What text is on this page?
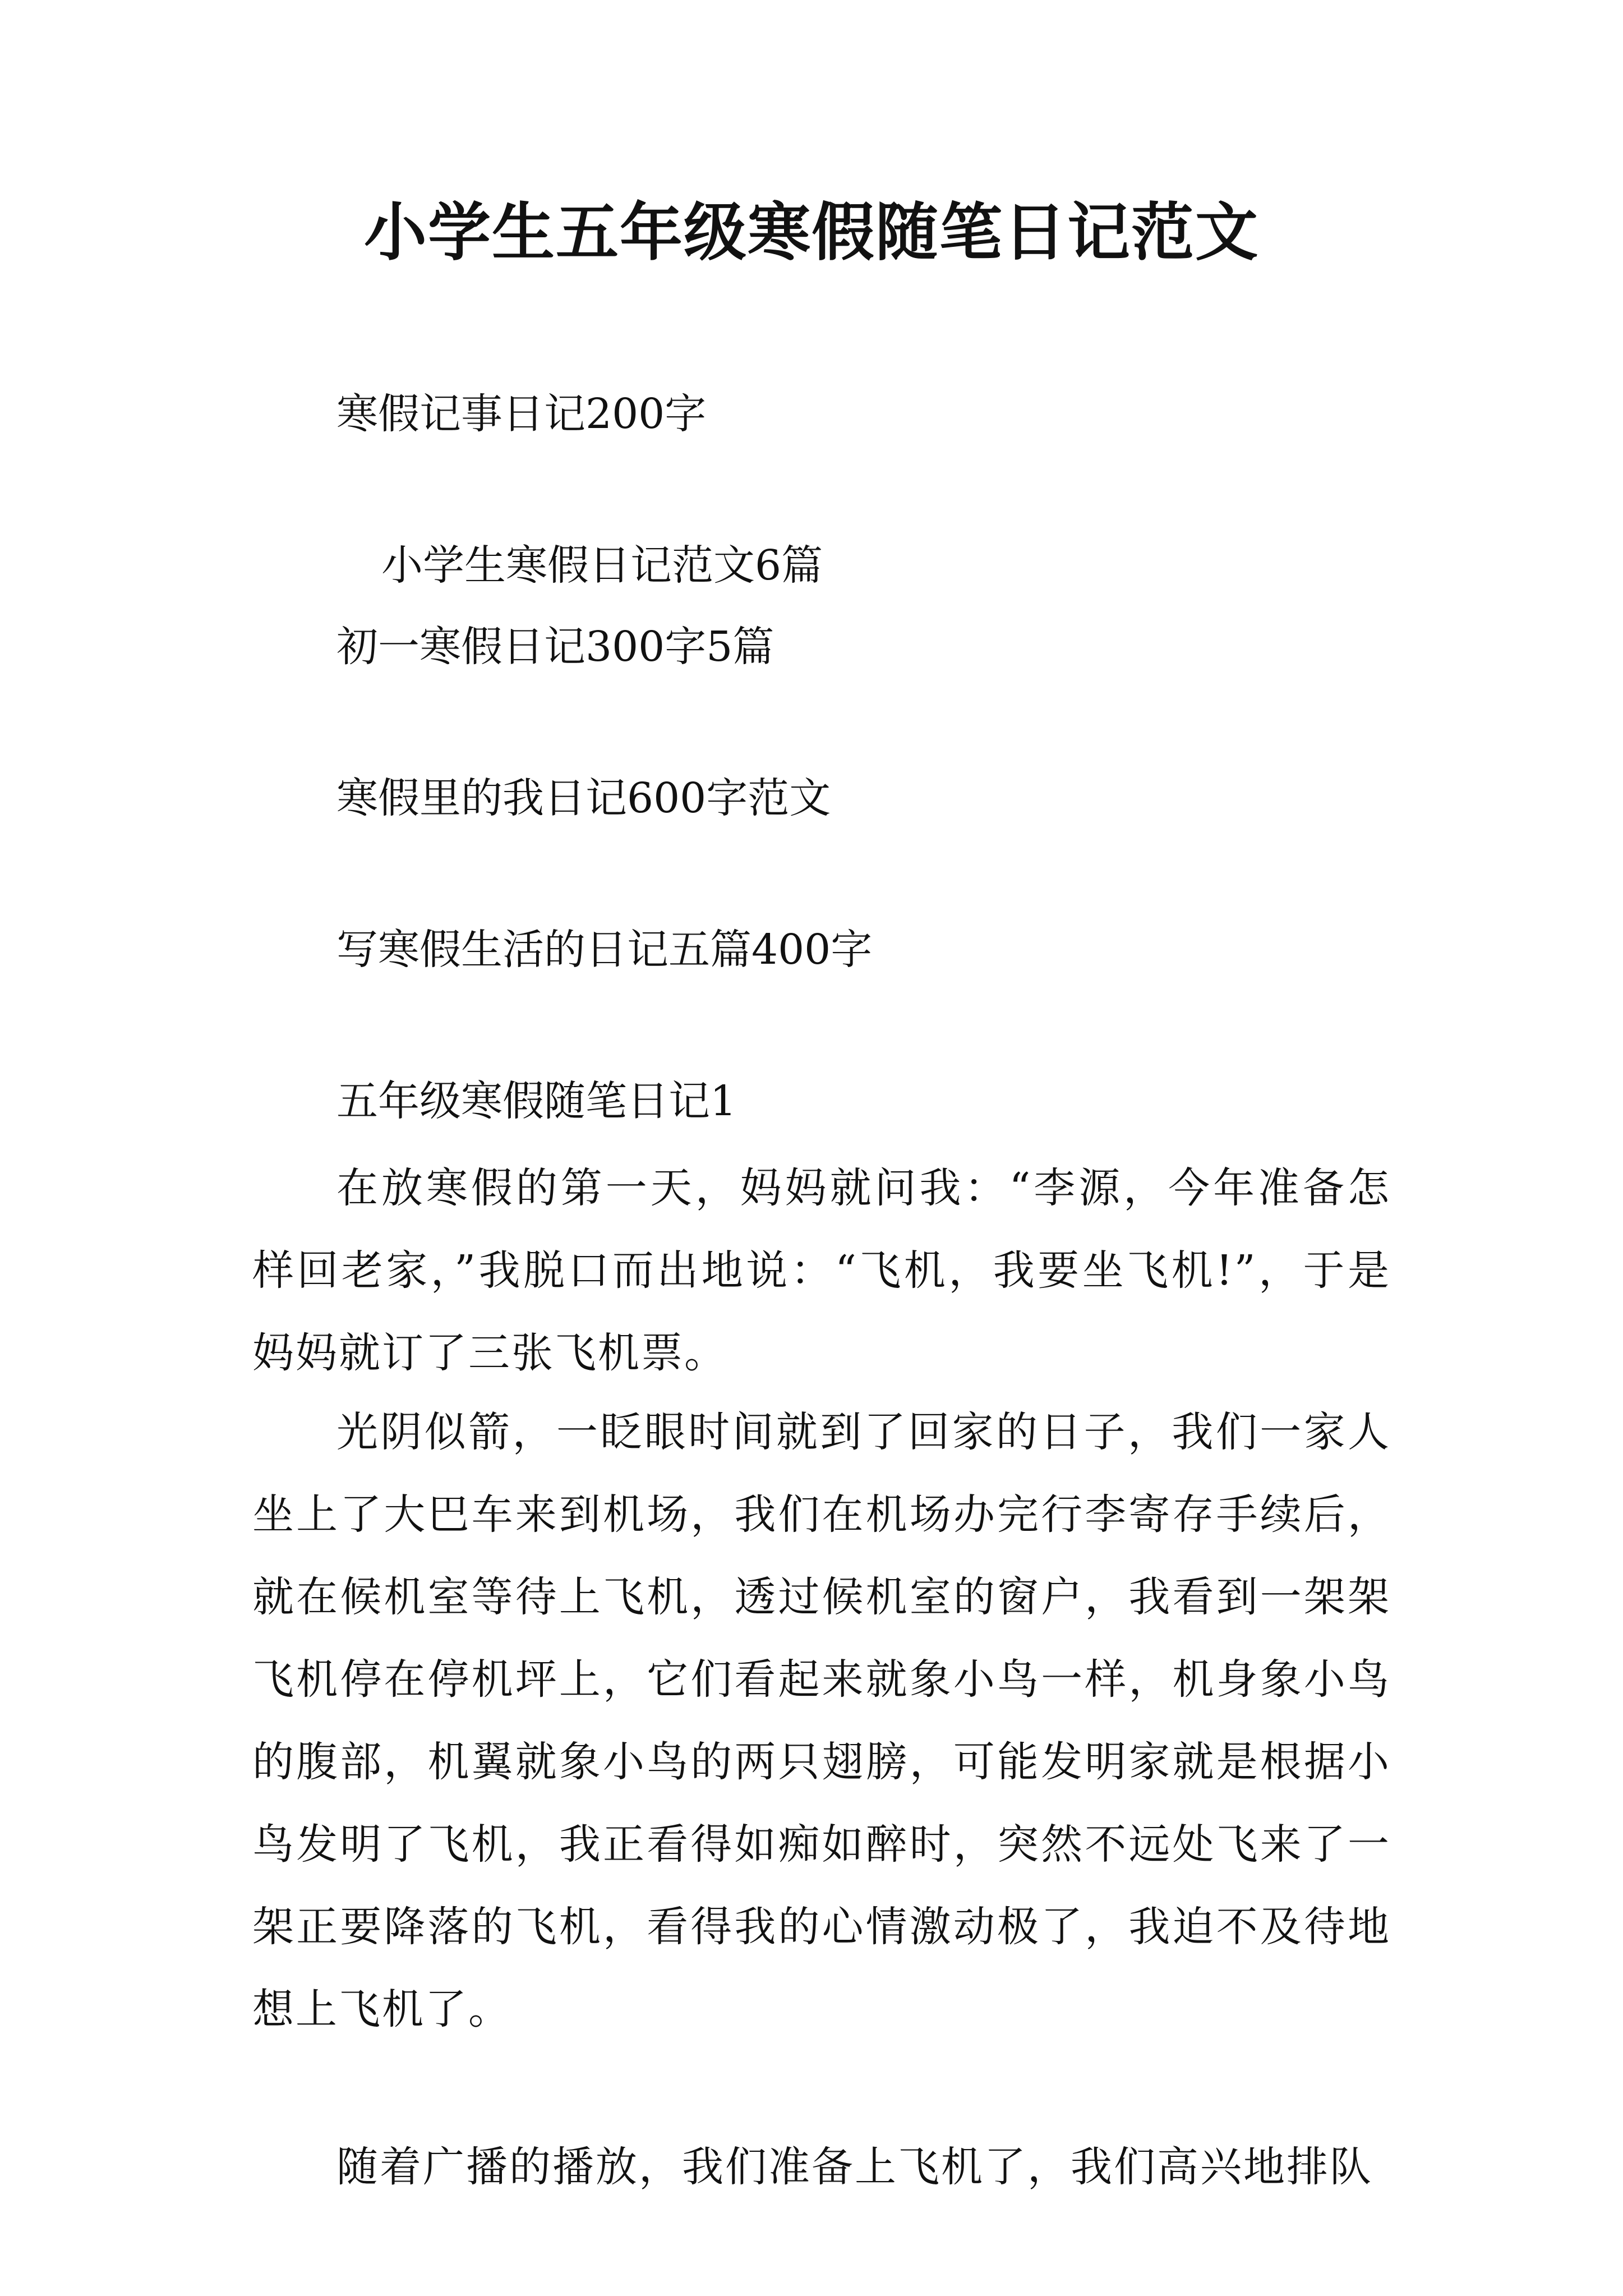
小学生五年级寒假随笔日记范文

寒假记事日记200字

小学生寒假日记范文6篇

初一寒假日记300字5篇

寒假里的我日记600字范文

写寒假生活的日记五篇400字

五年级寒假随笔日记1

在放寒假的第一天，妈妈就问我：“李源，今年准备怎样回老家，”我脱口而出地说：“飞机，我要坐飞机!”，于是妈妈就订了三张飞机票。

光阴似箭，一眨眼时间就到了回家的日子，我们一家人坐上了大巴车来到机场，我们在机场办完行李寄存手续后，就在候机室等待上飞机，透过候机室的窗户，我看到一架架飞机停在停机坪上，它们看起来就象小鸟一样，机身象小鸟的腹部，机翼就象小鸟的两只翅膀，可能发明家就是根据小鸟发明了飞机，我正看得如痴如醉时，突然不远处飞来了一架正要降落的飞机，看得我的心情激动极了，我迫不及待地想上飞机了。

随着广播的播放，我们准备上飞机了，我们高兴地排队
